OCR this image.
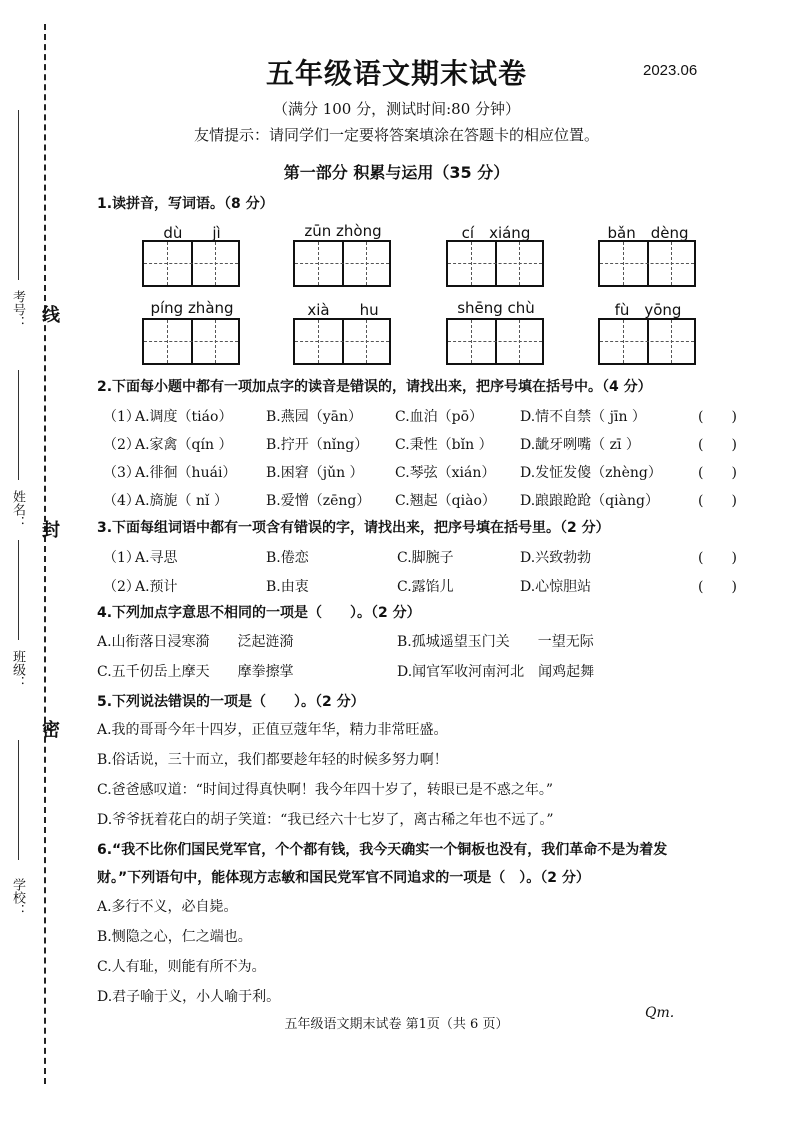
学校：
班级：
姓名：
考号： 线
封
密
五年级语文期末试卷	2023.06
（满分 100 分，测试时间:80 分钟）
友情提示：请同学们一定要将答案填涂在答题卡的相应位置。
第一部分 积累与运用（35 分）
1.读拼音，写词语。（8 分）
dù　　jì	zūn zhòng	cí　xiáng	bǎn　dèng
píng zhàng	xià　　hu	shēng chù	fù　yōng
2.下面每小题中都有一项加点字的读音是错误的，请找出来，把序号填在括号中。（4 分）
（1）
A.调度（tiáo） B.燕园（yān） C.血泊（pō）	D.情不自禁（ jīn ）	(　　)
（2）
A.家禽（qín ） B.拧开（nǐng） C.秉性（bǐn ） D.龇牙咧嘴（ zī ）	(　　)
（3）
A.徘徊（huái） B.困窘（jǔn ） C.琴弦（xián） D.发怔发傻（zhèng）	(　　)
（4）
A.旖旎（ nǐ ）	B.爱憎（zēng） C.翘起（qiào） D.踉踉跄跄（qiàng）	(　　)
3.下面每组词语中都有一项含有错误的字，请找出来，把序号填在括号里。（2 分）
（1）
A.寻思	B.倦恋	C.脚腕子	D.兴致勃勃	(　　)
（2）
A.预计	B.由衷	C.露馅儿	D.心惊胆站	(　　)
4.下列加点字意思不相同的一项是（　　）。（2 分）
A.山衔落日浸寒漪　　泛起涟漪	B.孤城遥望玉门关　　一望无际
C.五千仞岳上摩天　　摩拳擦掌	D.闻官军收河南河北　闻鸡起舞
5.下列说法错误的一项是（　　）。（2 分）
A.我的哥哥今年十四岁，正值豆蔻年华，精力非常旺盛。
B.俗话说，三十而立，我们都要趁年轻的时候多努力啊！
C.爸爸感叹道：“时间过得真快啊！我今年四十岁了，转眼已是不惑之年。”
D.爷爷抚着花白的胡子笑道：“我已经六十七岁了，离古稀之年也不远了。”
6.“我不比你们国民党军官，个个都有钱，我今天确实一个铜板也没有，我们革命不是为着发
财。”下列语句中，能体现方志敏和国民党军官不同追求的一项是（　）。（2 分）
A.多行不义，必自毙。
B.恻隐之心，仁之端也。
C.人有耻，则能有所不为。
D.君子喻于义，小人喻于利。
五年级语文期末试卷 第1页（共 6 页）
Qm.
